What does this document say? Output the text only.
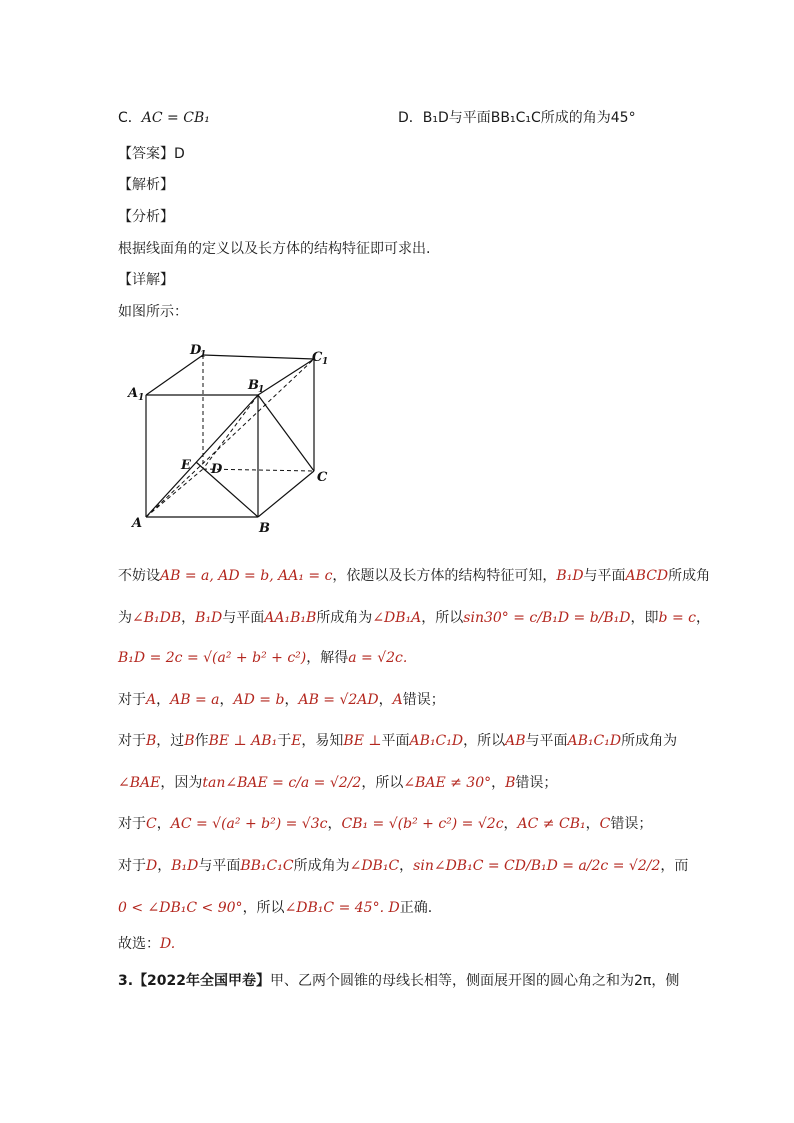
C．AC = CB₁	D．B₁D与平面BB₁C₁C所成的角为45°
【答案】D
【解析】
【分析】
根据线面角的定义以及长方体的结构特征即可求出.
【详解】
如图所示：
D
1	C 1
A 1
B 1
E D
C
A	B
不妨设AB = a, AD = b, AA₁ = c，依题以及长方体的结构特征可知，B₁D与平面ABCD所成角
为∠B₁DB，B₁D与平面AA₁B₁B所成角为∠DB₁A，所以sin30° = c/B₁D = b/B₁D，即b = c，
B₁D = 2c = √(a² + b² + c²)，解得a = √2c.
对于A，AB = a，AD = b，AB = √2AD，A错误；
对于B，过B作BE ⊥ AB₁于E，易知BE ⊥平面AB₁C₁D，所以AB与平面AB₁C₁D所成角为
∠BAE，因为tan∠BAE = c/a = √2/2，所以∠BAE ≠ 30°，B错误；
对于C，AC = √(a² + b²) = √3c，CB₁ = √(b² + c²) = √2c，AC ≠ CB₁，C错误；
对于D，B₁D与平面BB₁C₁C所成角为∠DB₁C，sin∠DB₁C = CD/B₁D = a/2c = √2/2，而
0 < ∠DB₁C < 90°，所以∠DB₁C = 45°. D正确.
故选：D.
3.【2022年全国甲卷】甲、乙两个圆锥的母线长相等，侧面展开图的圆心角之和为2π，侧
